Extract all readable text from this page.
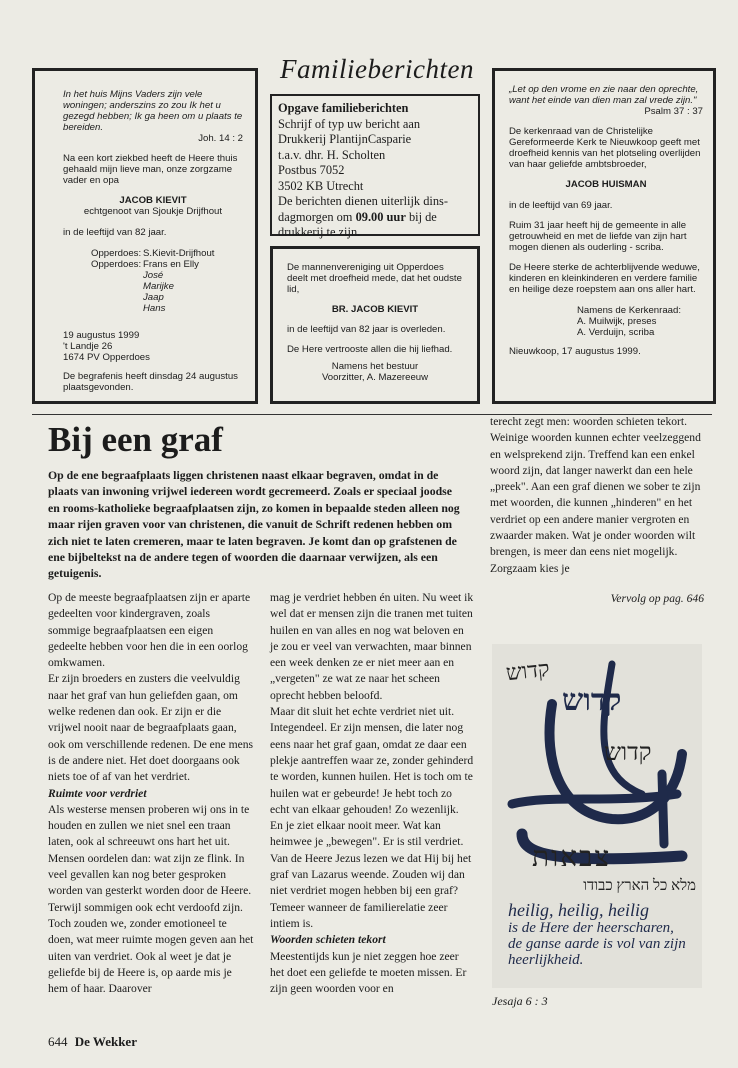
In het huis Mijns Vaders zijn vele woningen; anderszins zo zou Ik het u gezegd hebben; Ik ga heen om u plaats te bereiden.

Joh. 14 : 2

Na een kort ziekbed heeft de Heere thuis gehaald mijn lieve man, onze zorgzame vader en opa

JACOB KIEVIT

echtgenoot van Sjoukje Drijfhout

in de leeftijd van 82 jaar.

Opperdoes: S.Kievit-Drijfhout
Opperdoes: Frans en Elly
José
Marijke
Jaap
Hans

19 augustus 1999

't Landje 26

1674 PV Opperdoes

De begrafenis heeft dinsdag 24 augustus plaatsgevonden.

Familieberichten

Opgave familieberichten

Schrijf of typ uw bericht aan

Drukkerij PlantijnCasparie

t.a.v. dhr. H. Scholten

Postbus 7052

3502 KB Utrecht

De berichten dienen uiterlijk dins-

dagmorgen om 09.00 uur bij de

drukkerij te zijn.

De mannenvereniging uit Opperdoes deelt met droefheid mede, dat het oudste lid,

BR. JACOB KIEVIT

in de leeftijd van 82 jaar is overleden.

De Here vertrooste allen die hij liefhad.

Namens het bestuur

Voorzitter, A. Mazereeuw

„Let op den vrome en zie naar den oprechte, want het einde van dien man zal vrede zijn."

Psalm 37 : 37

De kerkenraad van de Christelijke Gereformeerde Kerk te Nieuwkoop geeft met droefheid kennis van het plotseling overlijden van haar geliefde ambtsbroeder,

JACOB HUISMAN

in de leeftijd van 69 jaar.

Ruim 31 jaar heeft hij de gemeente in alle getrouwheid en met de liefde van zijn hart mogen dienen als ouderling - scriba.

De Heere sterke de achterblijvende weduwe, kinderen en kleinkinderen en verdere familie en heilige deze roepstem aan ons aller hart.

Namens de Kerkenraad:

A. Muilwijk, preses

A. Verduijn, scriba

Nieuwkoop, 17 augustus 1999.

Bij een graf
Op de ene begraafplaats liggen christenen naast elkaar begraven, omdat in de plaats van inwoning vrijwel iedereen wordt gecremeerd. Zoals er speciaal joodse en rooms-katholieke begraafplaatsen zijn, zo komen in bepaalde steden alleen nog maar rijen graven voor van christenen, die vanuit de Schrift redenen hebben om zich niet te laten cremeren, maar te laten begraven. Je komt dan op grafstenen de ene bijbeltekst na de andere tegen of woorden die daarnaar verwijzen, als een getuigenis.

Op de meeste begraafplaatsen zijn er aparte gedeelten voor kindergraven, zoals sommige begraafplaatsen een eigen gedeelte hebben voor hen die in een oorlog omkwamen.

Er zijn broeders en zusters die veelvuldig naar het graf van hun geliefden gaan, om welke redenen dan ook. Er zijn er die vrijwel nooit naar de begraafplaats gaan, ook om verschillende redenen. De ene mens is de andere niet. Het doet doorgaans ook niets toe of af van het verdriet.

Ruimte voor verdriet

Als westerse mensen proberen wij ons in te houden en zullen we niet snel een traan laten, ook al schreeuwt ons hart het uit. Mensen oordelen dan: wat zijn ze flink. In veel gevallen kan nog beter gesproken worden van gesterkt worden door de Heere. Terwijl sommigen ook echt verdoofd zijn.

Toch zouden we, zonder emotioneel te doen, wat meer ruimte mogen geven aan het uiten van verdriet. Ook al weet je dat je geliefde bij de Heere is, op aarde mis je hem of haar. Daarover

mag je verdriet hebben én uiten. Nu weet ik wel dat er mensen zijn die tranen met tuiten huilen en van alles en nog wat beloven en je zou er veel van verwachten, maar binnen een week denken ze er niet meer aan en „vergeten" ze wat ze naar het scheen oprecht hebben beloofd.

Maar dit sluit het echte verdriet niet uit. Integendeel. Er zijn mensen, die later nog eens naar het graf gaan, omdat ze daar een plekje aantreffen waar ze, zonder gehinderd te worden, kunnen huilen. Het is toch om te huilen wat er gebeurde! Je hebt toch zo echt van elkaar gehouden! Zo wezenlijk. En je ziet elkaar nooit meer. Wat kan heimwee je „bewegen". Er is stil verdriet. Van de Heere Jezus lezen we dat Hij bij het graf van Lazarus weende. Zouden wij dan niet verdriet mogen hebben bij een graf? Temeer wanneer de familierelatie zeer intiem is.

Woorden schieten tekort

Meestentijds kun je niet zeggen hoe zeer het doet een geliefde te moeten missen. Er zijn geen woorden voor en

terecht zegt men: woorden schieten tekort. Weinige woorden kunnen echter veelzeggend en welsprekend zijn. Treffend kan een enkel woord zijn, dat langer nawerkt dan een hele „preek". Aan een graf dienen we sober te zijn met woorden, die kunnen „hinderen" en het verdriet op een andere manier vergroten en zwaarder maken. Wat je onder woorden wilt brengen, is meer dan eens niet mogelijk. Zorgzaam kies je

Vervolg op pag. 646

קדוש
קדוש
קדוש
צבאות
מלא כל הארץ כבודו
heilig, heilig, heilig
is de Here der heerscharen,
de ganse aarde is vol van zijn
heerlijkheid.
Jesaja 6 : 3
644 De Wekker
